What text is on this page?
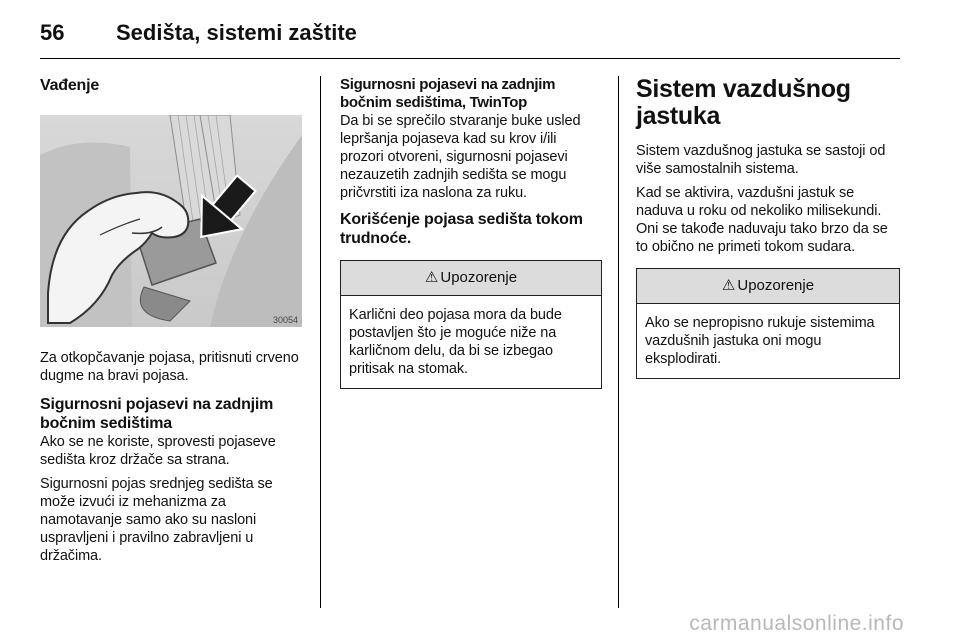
56 Sedišta, sistemi zaštite
Vađenje
30054

Za otkopčavanje pojasa, pritisnuti crveno dugme na bravi pojasa.

Sigurnosni pojasevi na zadnjim bočnim sedištima

Ako se ne koriste, sprovesti pojaseve sedišta kroz držače sa strana.

Sigurnosni pojas srednjeg sedišta se može izvući iz mehanizma za namotavanje samo ako su nasloni uspravljeni i pravilno zabravljeni u držačima.

Sigurnosni pojasevi na zadnjim bočnim sedištima, TwinTop

Da bi se sprečilo stvaranje buke usled lepršanja pojaseva kad su krov i/ili prozori otvoreni, sigurnosni pojasevi nezauzetih zadnjih sedišta se mogu pričvrstiti iza naslona za ruku.

Korišćenje pojasa sedišta tokom trudnoće.
⚠ Upozorenje

Karlični deo pojasa mora da bude postavljen što je moguće niže na karličnom delu, da bi se izbegao pritisak na stomak.

Sistem vazdušnog jastuka

Sistem vazdušnog jastuka se sastoji od više samostalnih sistema.

Kad se aktivira, vazdušni jastuk se naduva u roku od nekoliko milisekundi. Oni se takođe naduvaju tako brzo da se to obično ne primeti tokom sudara.

⚠ Upozorenje

Ako se nepropisno rukuje sistemima vazdušnih jastuka oni mogu eksplodirati.

carmanualsonline.info
